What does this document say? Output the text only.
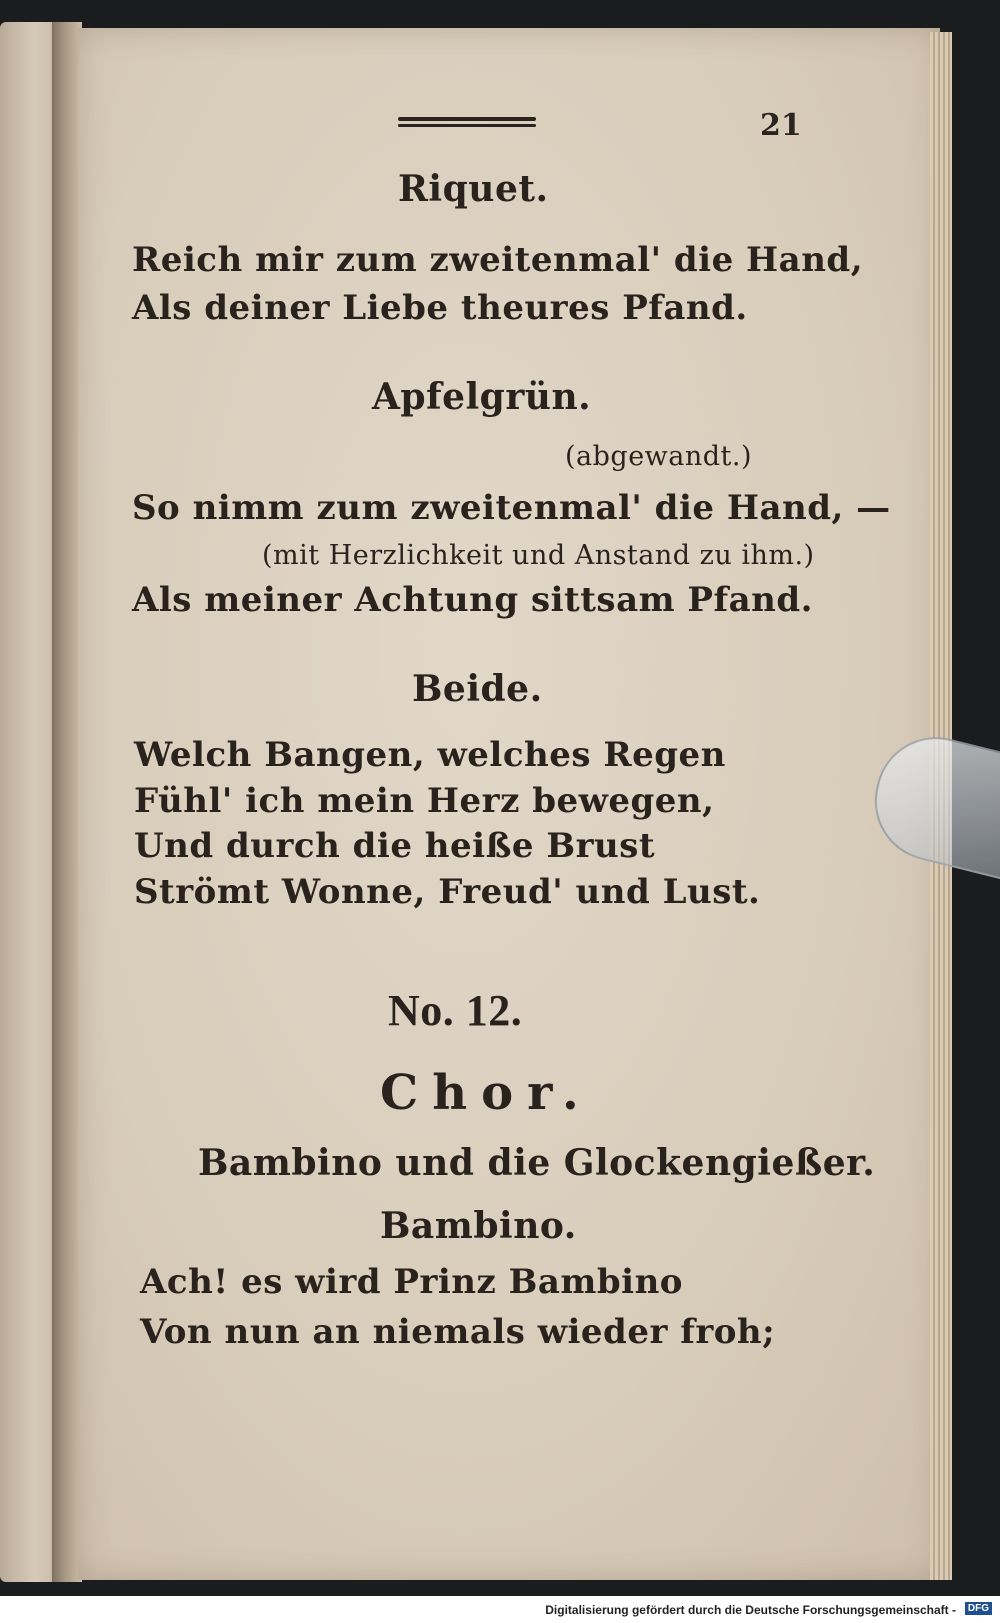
21
Riquet.
Reich mir zum zweitenmal' die Hand,
Als deiner Liebe theures Pfand.
Apfelgrün.
(abgewandt.)
So nimm zum zweitenmal' die Hand, —
(mit Herzlichkeit und Anstand zu ihm.)
Als meiner Achtung sittsam Pfand.
Beide.
Welch Bangen, welches Regen
Fühl' ich mein Herz bewegen,
Und durch die heiße Brust
Strömt Wonne, Freud' und Lust.
No. 12.
Chor.
Bambino und die Glockengießer.
Bambino.
Ach! es wird Prinz Bambino
Von nun an niemals wieder froh;
Digitalisierung gefördert durch die Deutsche Forschungsgemeinschaft -	DFG
